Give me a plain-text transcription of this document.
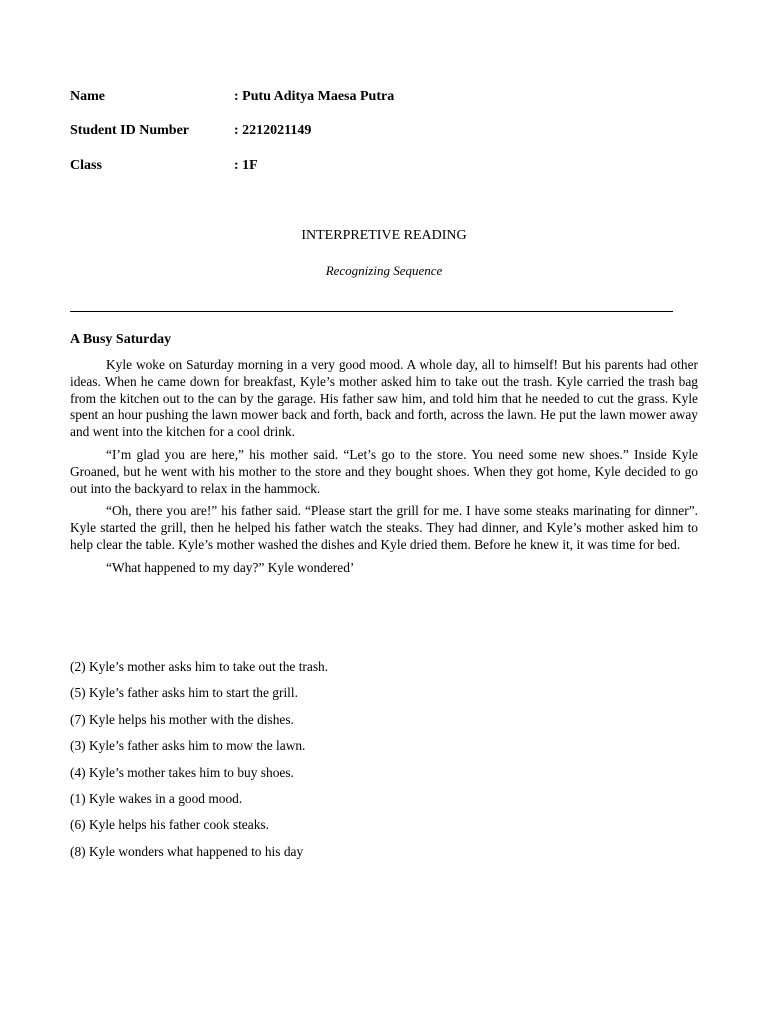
Name	: Putu Aditya Maesa Putra
Student ID Number	: 2212021149
Class	: 1F
INTERPRETIVE READING
Recognizing Sequence
A Busy Saturday

Kyle woke on Saturday morning in a very good mood. A whole day, all to himself! But his parents had other ideas. When he came down for breakfast, Kyle’s mother asked him to take out the trash. Kyle carried the trash bag from the kitchen out to the can by the garage. His father saw him, and told him that he needed to cut the grass. Kyle spent an hour pushing the lawn mower back and forth, back and forth, across the lawn. He put the lawn mower away and went into the kitchen for a cool drink.

“I’m glad you are here,” his mother said. “Let’s go to the store. You need some new shoes.” Inside Kyle Groaned, but he went with his mother to the store and they bought shoes. When they got home, Kyle decided to go out into the backyard to relax in the hammock.

“Oh, there you are!” his father said. “Please start the grill for me. I have some steaks marinating for dinner”. Kyle started the grill, then he helped his father watch the steaks. They had dinner, and Kyle’s mother asked him to help clear the table. Kyle’s mother washed the dishes and Kyle dried them. Before he knew it, it was time for bed.

“What happened to my day?” Kyle wondered’

(2) Kyle’s mother asks him to take out the trash.
(5) Kyle’s father asks him to start the grill.
(7) Kyle helps his mother with the dishes.
(3) Kyle’s father asks him to mow the lawn.
(4) Kyle’s mother takes him to buy shoes.
(1) Kyle wakes in a good mood.
(6) Kyle helps his father cook steaks.
(8) Kyle wonders what happened to his day
